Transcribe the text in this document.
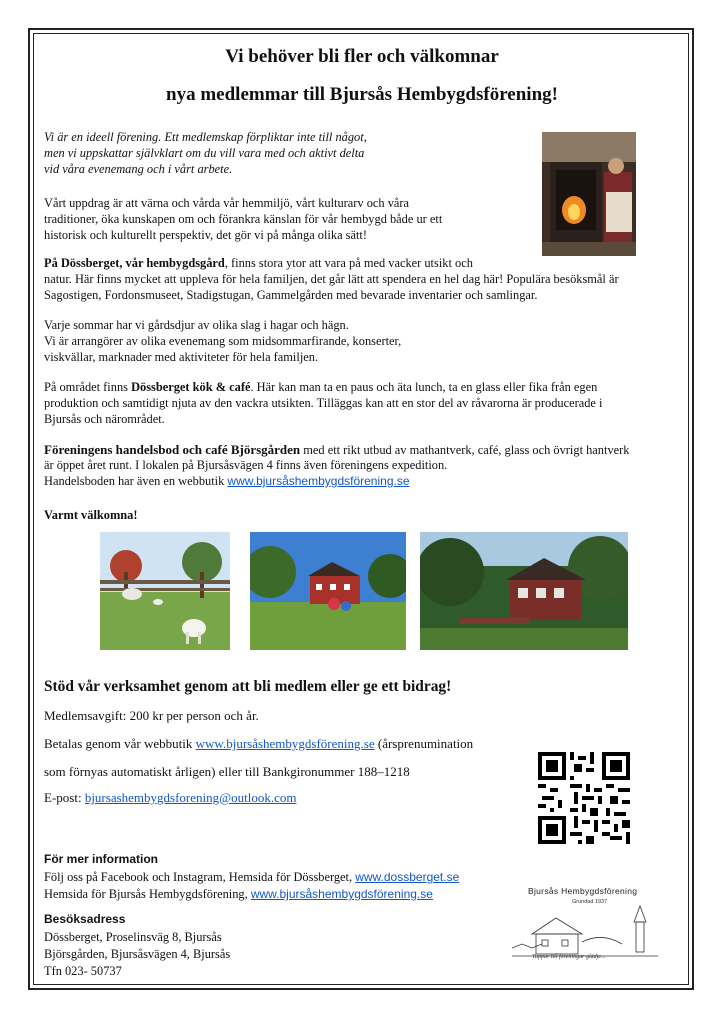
Vi behöver bli fler och välkomnar
nya medlemmar till Bjursås Hembygdsförening!
Vi är en ideell förening. Ett medlemskap förpliktar inte till något,
men vi uppskattar självklart om du vill vara med och aktivt delta
vid våra evenemang och i vårt arbete.
Vårt uppdrag är att värna och vårda vår hemmiljö, vårt kulturarv och våra
traditioner, öka kunskapen om och förankra känslan för vår hembygd både ur ett
historisk och kulturellt perspektiv, det gör vi på många olika sätt!
På Dössberget, vår hembygdsgård, finns stora ytor att vara på med vacker utsikt och
natur. Här finns mycket att uppleva för hela familjen, det går lätt att spendera en hel dag här! Populära besöksmål är
Sagostigen, Fordonsmuseet, Stadigstugan, Gammelgården med bevarade inventarier och samlingar.
Varje sommar har vi gårdsdjur av olika slag i hagar och hägn.
Vi är arrangörer av olika evenemang som midsommarfirande, konserter,
viskvällar, marknader med aktiviteter för hela familjen.
På området finns Dössberget kök & café. Här kan man ta en paus och äta lunch, ta en glass eller fika från egen
produktion och samtidigt njuta av den vackra utsikten. Tilläggas kan att en stor del av råvarorna är producerade i
Bjursås och närområdet.
Föreningens handelsbod och café Björsgården med ett rikt utbud av mathantverk, café, glass och övrigt hantverk
är öppet året runt. I lokalen på Bjursåsvägen 4 finns även föreningens expedition.
Handelsboden har även en webbutik www.bjursåshembygdsförening.se
Varmt välkomna!
Stöd vår verksamhet genom att bli medlem eller ge ett bidrag!
Medlemsavgift: 200 kr per person och år.
Betalas genom vår webbutik www.bjursåshembygdsförening.se (årsprenumination
som förnyas automatiskt årligen) eller till Bankgironummer 188–1218
E-post: bjursashembygdsforening@outlook.com
För mer information
Följ oss på Facebook och Instagram, Hemsida för Dössberget, www.dossberget.se
Hemsida för Bjursås Hembygdsförening, www.bjursåshembygdsförening.se
Besöksadress
Dössberget, Proselinsväg 8, Bjursås
Björsgården, Bjursåsvägen 4, Bjursås
Tfn 023- 50737
Bjursås Hembygdsförening
Grundad 1937
Tuppar till föreningar glädje...
